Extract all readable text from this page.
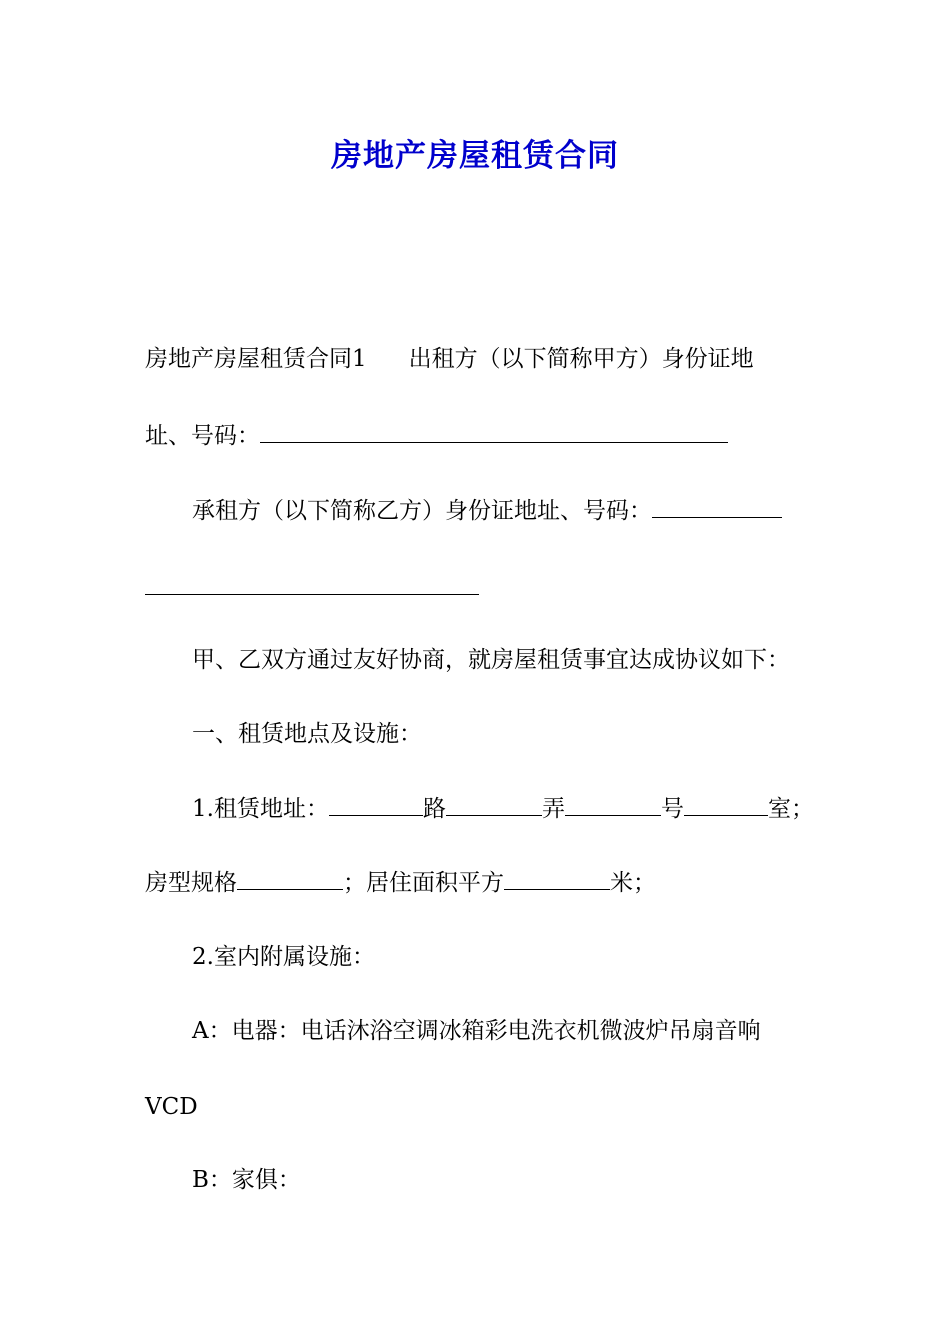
房地产房屋租赁合同

房地产房屋租赁合同1 出租方（以下简称甲方）身份证地

址、号码：

承租方（以下简称乙方）身份证地址、号码：

甲、乙双方通过友好协商，就房屋租赁事宜达成协议如下：

一、租赁地点及设施：

1.租赁地址：	路	弄	号	室；

房型规格	；居住面积平方	米；

2.室内附属设施：

A：电器：电话沐浴空调冰箱彩电洗衣机微波炉吊扇音响

VCD

B：家俱：
